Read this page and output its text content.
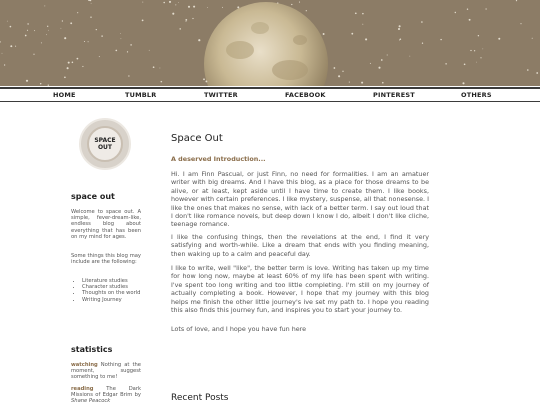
HOME	TUMBLR	TWITTER	FACEBOOK	PINTEREST	OTHERS
SPACE
OUT
space out
Welcome to space out. A simple, fever-dream-like, endless blog about everything that has been on my mind for ages.
Some things this blog may include are the following:
• Literature studies
• Character studies
• Thoughts on the world
• Writing Journey
statistics
watching Nothing at the moment, suggest something to me!
reading The Dark Missions of Edgar Brim by Shane Peacock
Space Out
A deserved Introduction...
Hi. I am Finn Pascual, or just Finn, no need for formalities. I am an amatuer writer with big dreams. And I have this blog, as a place for those dreams to be alive, or at least, kept aside until I have time to create them. I like books, however with certain preferences. I like mystery, suspense, all that nonesense. I like the ones that makes no sense, with lack of a better term. I say out loud that I don't like romance novels, but deep down I know I do, albeit I don't like cliche, teenage romance.
I like the confusing things, then the revelations at the end, I find it very satisfying and worth-while. Like a dream that ends with you finding meaning, then waking up to a calm and peaceful day.
I like to write, well "like", the better term is love. Writing has taken up my time for how long now, maybe at least 60% of my life has been spent with writing. I've spent too long writing and too little completing. I'm still on my journey of actually completing a book. However, I hope that my journey with this blog helps me finish the other little journey's ive set my path to. I hope you reading this also finds this journey fun, and inspires you to start your journey to.
Lots of love, and I hope you have fun here
Recent Posts
